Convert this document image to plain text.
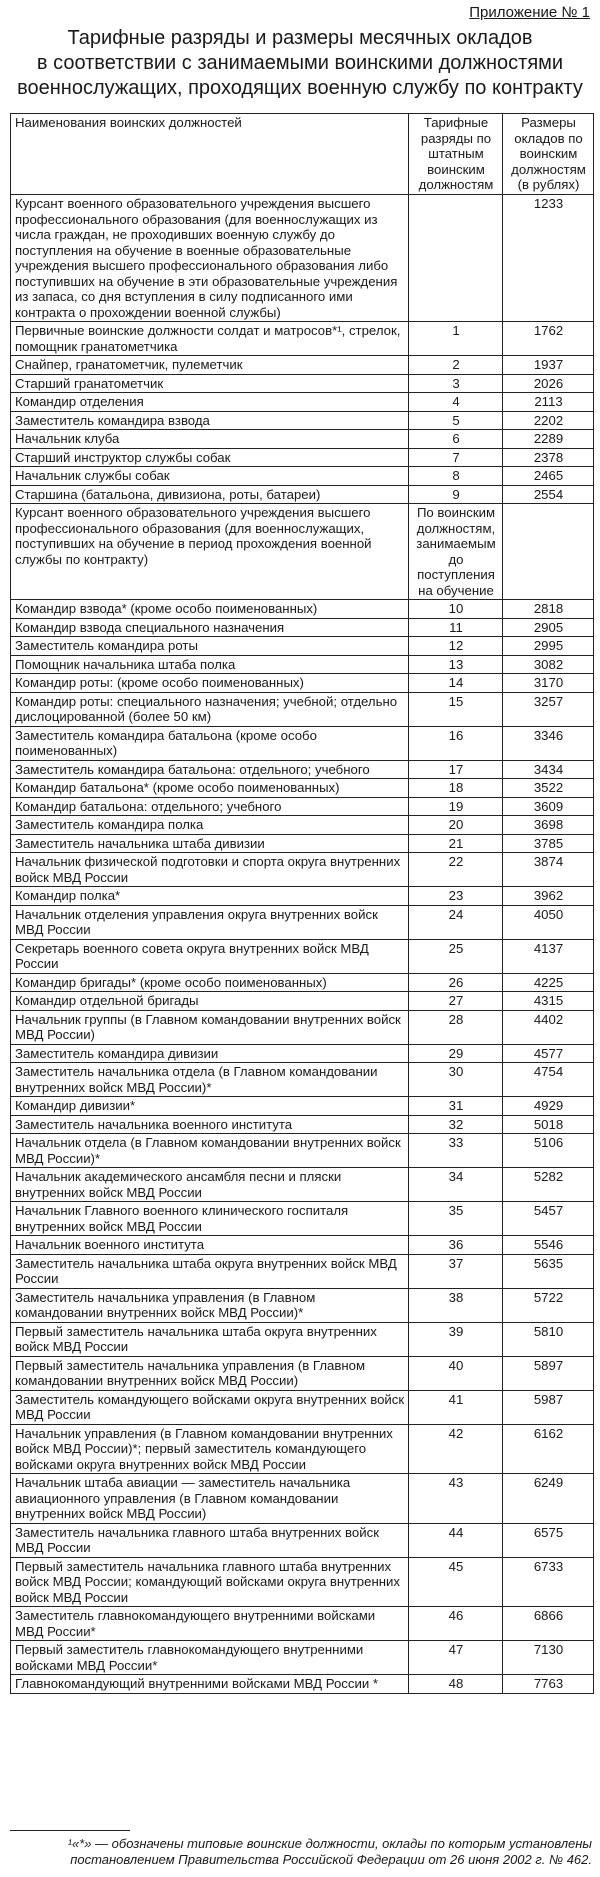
Приложение № 1
Тарифные разряды и размеры месячных окладов
в соответствии с занимаемыми воинскими должностями
военнослужащих, проходящих военную службу по контракту
Наименования воинских должностей	Тарифные разряды по штатным воинским должностям	Размеры окладов по воинским должностям (в рублях)
Курсант военного образовательного учреждения высшего профессионального образования (для военнослужащих из числа граждан, не проходивших военную службу до поступления на обучение в военные образовательные учреждения высшего профессионального образования либо поступивших на обучение в эти образовательные учреждения из запаса, со дня вступления в силу подписанного ими контракта о прохождении военной службы)		1233
Первичные воинские должности солдат и матросов*¹, стрелок, помощник гранатометчика	1	1762
Снайпер, гранатометчик, пулеметчик	2	1937
Старший гранатометчик	3	2026
Командир отделения	4	2113
Заместитель командира взвода	5	2202
Начальник клуба	6	2289
Старший инструктор службы собак	7	2378
Начальник службы собак	8	2465
Старшина (батальона, дивизиона, роты, батареи)	9	2554
Курсант военного образовательного учреждения высшего профессионального образования (для военнослужащих, поступивших на обучение в период прохождения военной службы по контракту)	По воинским должностям, занимаемым до поступления на обучение	
Командир взвода* (кроме особо поименованных)	10	2818
Командир взвода специального назначения	11	2905
Заместитель командира роты	12	2995
Помощник начальника штаба полка	13	3082
Командир роты: (кроме особо поименованных)	14	3170
Командир роты: специального назначения; учебной; отдельно дислоцированной (более 50 км)	15	3257
Заместитель командира батальона (кроме особо поименованных)	16	3346
Заместитель командира батальона: отдельного; учебного	17	3434
Командир батальона* (кроме особо поименованных)	18	3522
Командир батальона: отдельного; учебного	19	3609
Заместитель командира полка	20	3698
Заместитель начальника штаба дивизии	21	3785
Начальник физической подготовки и спорта округа внутренних войск МВД России	22	3874
Командир полка*	23	3962
Начальник отделения управления округа внутренних войск МВД России	24	4050
Секретарь военного совета округа внутренних войск МВД России	25	4137
Командир бригады* (кроме особо поименованных)	26	4225
Командир отдельной бригады	27	4315
Начальник группы (в Главном командовании внутренних войск МВД России)	28	4402
Заместитель командира дивизии	29	4577
Заместитель начальника отдела (в Главном командовании внутренних войск МВД России)*	30	4754
Командир дивизии*	31	4929
Заместитель начальника военного института	32	5018
Начальник отдела (в Главном командовании внутренних войск МВД России)*	33	5106
Начальник академического ансамбля песни и пляски внутренних войск МВД России	34	5282
Начальник Главного военного клинического госпиталя внутренних войск МВД России	35	5457
Начальник военного института	36	5546
Заместитель начальника штаба округа внутренних войск МВД России	37	5635
Заместитель начальника управления (в Главном командовании внутренних войск МВД России)*	38	5722
Первый заместитель начальника штаба округа внутренних войск МВД России	39	5810
Первый заместитель начальника управления (в Главном командовании внутренних войск МВД России)	40	5897
Заместитель командующего войсками округа внутренних войск МВД России	41	5987
Начальник управления (в Главном командовании внутренних войск МВД России)*; первый заместитель командующего войсками округа внутренних войск МВД России	42	6162
Начальник штаба авиации — заместитель начальника авиационного управления (в Главном командовании внутренних войск МВД России)	43	6249
Заместитель начальника главного штаба внутренних войск МВД России	44	6575
Первый заместитель начальника главного штаба внутренних войск МВД России; командующий войсками округа внутренних войск МВД России	45	6733
Заместитель главнокомандующего внутренними войсками МВД России*	46	6866
Первый заместитель главнокомандующего внутренними войсками МВД России*	47	7130
Главнокомандующий внутренними войсками МВД России *	48	7763
¹«*» — обозначены типовые воинские должности, оклады по которым установлены постановлением Правительства Российской Федерации от 26 июня 2002 г. № 462.
